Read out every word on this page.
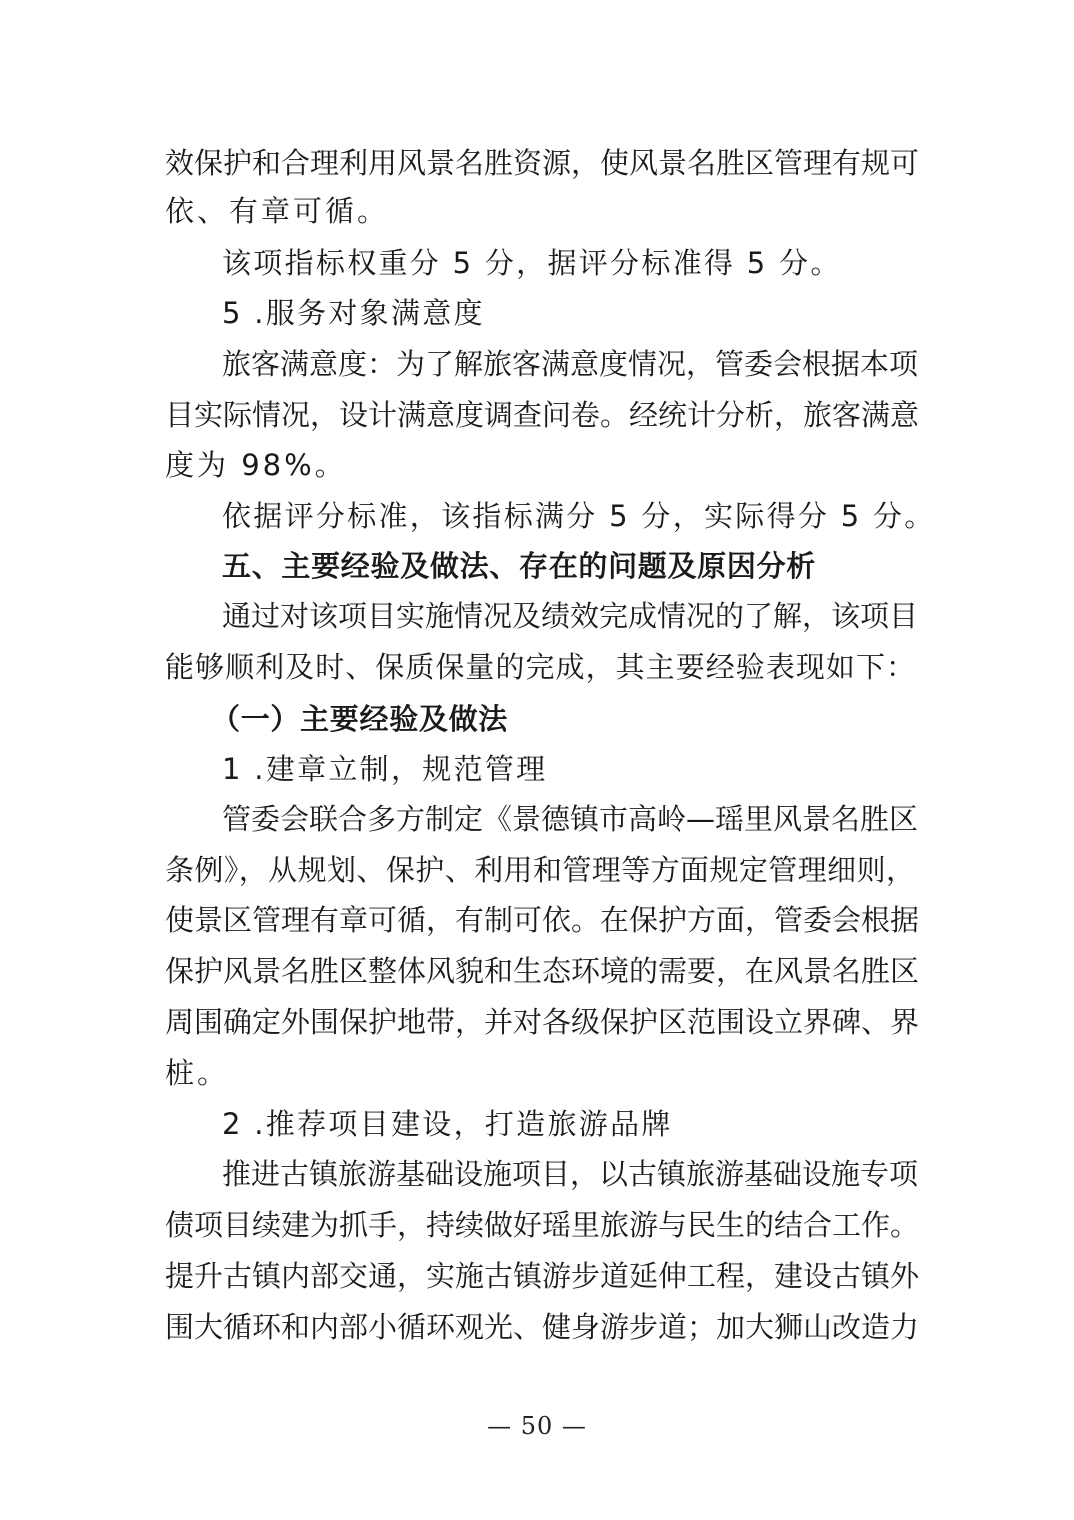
效保护和合理利用风景名胜资源，使风景名胜区管理有规可
依、有章可循。
该项指标权重分 5 分，据评分标准得 5 分。
5 .服务对象满意度
旅客满意度：为了解旅客满意度情况，管委会根据本项
目实际情况，设计满意度调查问卷。经统计分析，旅客满意
度为 98%。
依据评分标准，该指标满分 5 分，实际得分 5 分。
五、主要经验及做法、存在的问题及原因分析
通过对该项目实施情况及绩效完成情况的了解，该项目
能够顺利及时、保质保量的完成，其主要经验表现如下：
（一）主要经验及做法
1 .建章立制，规范管理
管委会联合多方制定《景德镇市高岭—瑶里风景名胜区
条例》，从规划、保护、利用和管理等方面规定管理细则，
使景区管理有章可循，有制可依。在保护方面，管委会根据
保护风景名胜区整体风貌和生态环境的需要，在风景名胜区
周围确定外围保护地带，并对各级保护区范围设立界碑、界
桩。
2 .推荐项目建设，打造旅游品牌
推进古镇旅游基础设施项目，以古镇旅游基础设施专项
债项目续建为抓手，持续做好瑶里旅游与民生的结合工作。
提升古镇内部交通，实施古镇游步道延伸工程，建设古镇外
围大循环和内部小循环观光、健身游步道；加大狮山改造力
— 50 —
